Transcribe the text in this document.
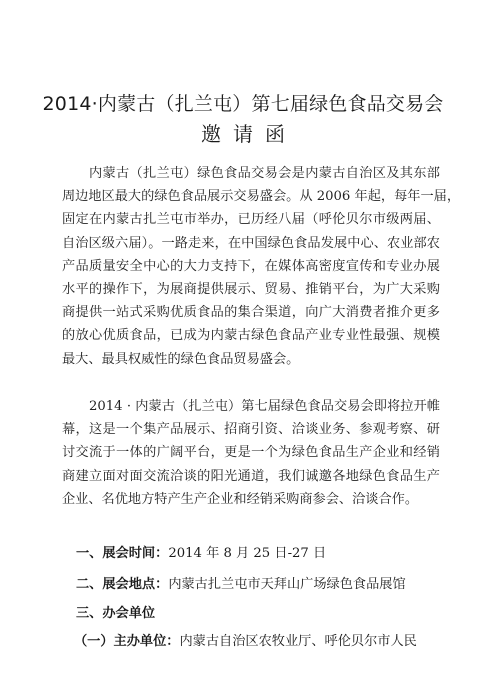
2014·内蒙古（扎兰屯）第七届绿色食品交易会
邀请函
内蒙古（扎兰屯）绿色食品交易会是内蒙古自治区及其东部
周边地区最大的绿色食品展示交易盛会。从 2006 年起，每年一届，
固定在内蒙古扎兰屯市举办，已历经八届（呼伦贝尔市级两届、
自治区级六届）。一路走来，在中国绿色食品发展中心、农业部农
产品质量安全中心的大力支持下，在媒体高密度宣传和专业办展
水平的操作下，为展商提供展示、贸易、推销平台，为广大采购
商提供一站式采购优质食品的集合渠道，向广大消费者推介更多
的放心优质食品，已成为内蒙古绿色食品产业专业性最强、规模
最大、最具权威性的绿色食品贸易盛会。
2014 · 内蒙古（扎兰屯）第七届绿色食品交易会即将拉开帷
幕，这是一个集产品展示、招商引资、洽谈业务、参观考察、研
讨交流于一体的广阔平台，更是一个为绿色食品生产企业和经销
商建立面对面交流洽谈的阳光通道，我们诚邀各地绿色食品生产
企业、名优地方特产生产企业和经销采购商参会、洽谈合作。
一、展会时间：2014 年 8 月 25 日-27 日
二、展会地点：内蒙古扎兰屯市天拜山广场绿色食品展馆
三、办会单位
（一）主办单位：内蒙古自治区农牧业厅、呼伦贝尔市人民
